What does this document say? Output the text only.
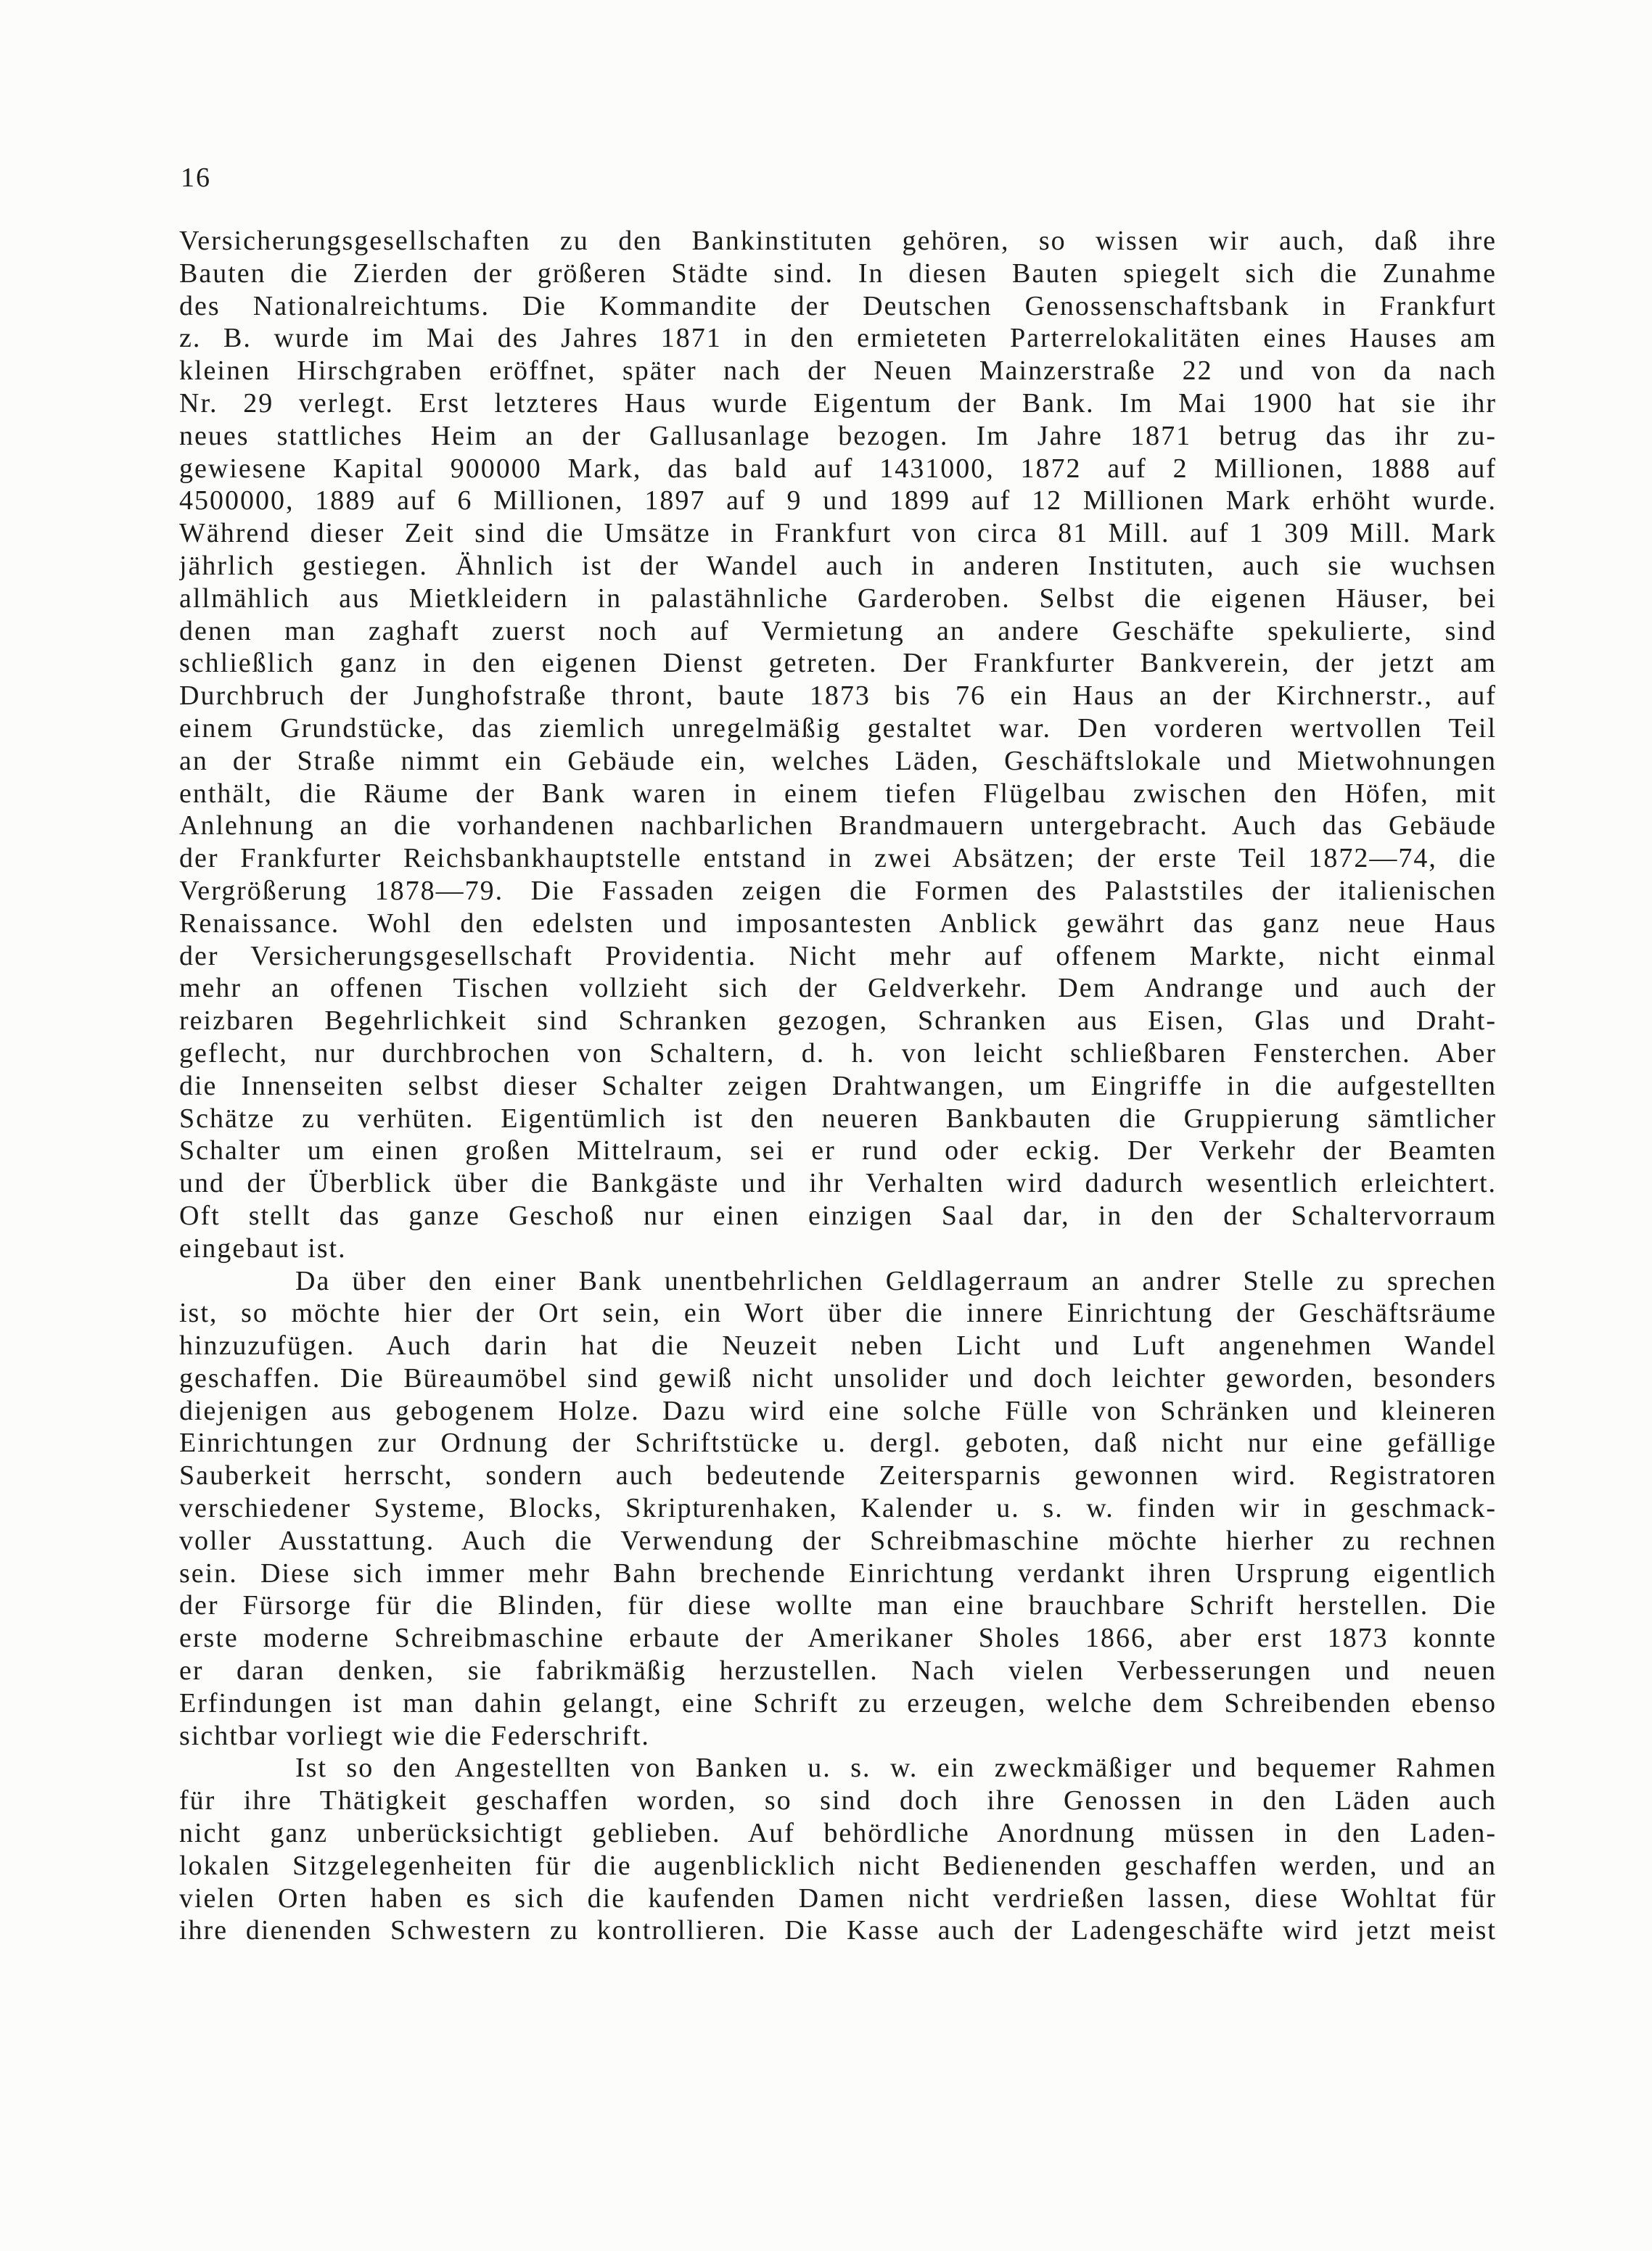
16
Versicherungsgesellschaften zu den Bankinstituten gehören, so wissen wir auch, daß ihre
Bauten die Zierden der größeren Städte sind. In diesen Bauten spiegelt sich die Zunahme
des Nationalreichtums. Die Kommandite der Deutschen Genossenschaftsbank in Frankfurt
z. B. wurde im Mai des Jahres 1871 in den ermieteten Parterrelokalitäten eines Hauses am
kleinen Hirschgraben eröffnet, später nach der Neuen Mainzerstraße 22 und von da nach
Nr. 29 verlegt. Erst letzteres Haus wurde Eigentum der Bank. Im Mai 1900 hat sie ihr
neues stattliches Heim an der Gallusanlage bezogen. Im Jahre 1871 betrug das ihr zu-
gewiesene Kapital 900000 Mark, das bald auf 1431000, 1872 auf 2 Millionen, 1888 auf
4500000, 1889 auf 6 Millionen, 1897 auf 9 und 1899 auf 12 Millionen Mark erhöht wurde.
Während dieser Zeit sind die Umsätze in Frankfurt von circa 81 Mill. auf 1 309 Mill. Mark
jährlich gestiegen. Ähnlich ist der Wandel auch in anderen Instituten, auch sie wuchsen
allmählich aus Mietkleidern in palastähnliche Garderoben. Selbst die eigenen Häuser, bei
denen man zaghaft zuerst noch auf Vermietung an andere Geschäfte spekulierte, sind
schließlich ganz in den eigenen Dienst getreten. Der Frankfurter Bankverein, der jetzt am
Durchbruch der Junghofstraße thront, baute 1873 bis 76 ein Haus an der Kirchnerstr., auf
einem Grundstücke, das ziemlich unregelmäßig gestaltet war. Den vorderen wertvollen Teil
an der Straße nimmt ein Gebäude ein, welches Läden, Geschäftslokale und Mietwohnungen
enthält, die Räume der Bank waren in einem tiefen Flügelbau zwischen den Höfen, mit
Anlehnung an die vorhandenen nachbarlichen Brandmauern untergebracht. Auch das Gebäude
der Frankfurter Reichsbankhauptstelle entstand in zwei Absätzen; der erste Teil 1872—74, die
Vergrößerung 1878—79. Die Fassaden zeigen die Formen des Palaststiles der italienischen
Renaissance. Wohl den edelsten und imposantesten Anblick gewährt das ganz neue Haus
der Versicherungsgesellschaft Providentia. Nicht mehr auf offenem Markte, nicht einmal
mehr an offenen Tischen vollzieht sich der Geldverkehr. Dem Andrange und auch der
reizbaren Begehrlichkeit sind Schranken gezogen, Schranken aus Eisen, Glas und Draht-
geflecht, nur durchbrochen von Schaltern, d. h. von leicht schließbaren Fensterchen. Aber
die Innenseiten selbst dieser Schalter zeigen Drahtwangen, um Eingriffe in die aufgestellten
Schätze zu verhüten. Eigentümlich ist den neueren Bankbauten die Gruppierung sämtlicher
Schalter um einen großen Mittelraum, sei er rund oder eckig. Der Verkehr der Beamten
und der Überblick über die Bankgäste und ihr Verhalten wird dadurch wesentlich erleichtert.
Oft stellt das ganze Geschoß nur einen einzigen Saal dar, in den der Schaltervorraum
eingebaut ist.
Da über den einer Bank unentbehrlichen Geldlagerraum an andrer Stelle zu sprechen
ist, so möchte hier der Ort sein, ein Wort über die innere Einrichtung der Geschäftsräume
hinzuzufügen. Auch darin hat die Neuzeit neben Licht und Luft angenehmen Wandel
geschaffen. Die Büreaumöbel sind gewiß nicht unsolider und doch leichter geworden, besonders
diejenigen aus gebogenem Holze. Dazu wird eine solche Fülle von Schränken und kleineren
Einrichtungen zur Ordnung der Schriftstücke u. dergl. geboten, daß nicht nur eine gefällige
Sauberkeit herrscht, sondern auch bedeutende Zeitersparnis gewonnen wird. Registratoren
verschiedener Systeme, Blocks, Skripturenhaken, Kalender u. s. w. finden wir in geschmack-
voller Ausstattung. Auch die Verwendung der Schreibmaschine möchte hierher zu rechnen
sein. Diese sich immer mehr Bahn brechende Einrichtung verdankt ihren Ursprung eigentlich
der Fürsorge für die Blinden, für diese wollte man eine brauchbare Schrift herstellen. Die
erste moderne Schreibmaschine erbaute der Amerikaner Sholes 1866, aber erst 1873 konnte
er daran denken, sie fabrikmäßig herzustellen. Nach vielen Verbesserungen und neuen
Erfindungen ist man dahin gelangt, eine Schrift zu erzeugen, welche dem Schreibenden ebenso
sichtbar vorliegt wie die Federschrift.
Ist so den Angestellten von Banken u. s. w. ein zweckmäßiger und bequemer Rahmen
für ihre Thätigkeit geschaffen worden, so sind doch ihre Genossen in den Läden auch
nicht ganz unberücksichtigt geblieben. Auf behördliche Anordnung müssen in den Laden-
lokalen Sitzgelegenheiten für die augenblicklich nicht Bedienenden geschaffen werden, und an
vielen Orten haben es sich die kaufenden Damen nicht verdrießen lassen, diese Wohltat für
ihre dienenden Schwestern zu kontrollieren. Die Kasse auch der Ladengeschäfte wird jetzt meist
